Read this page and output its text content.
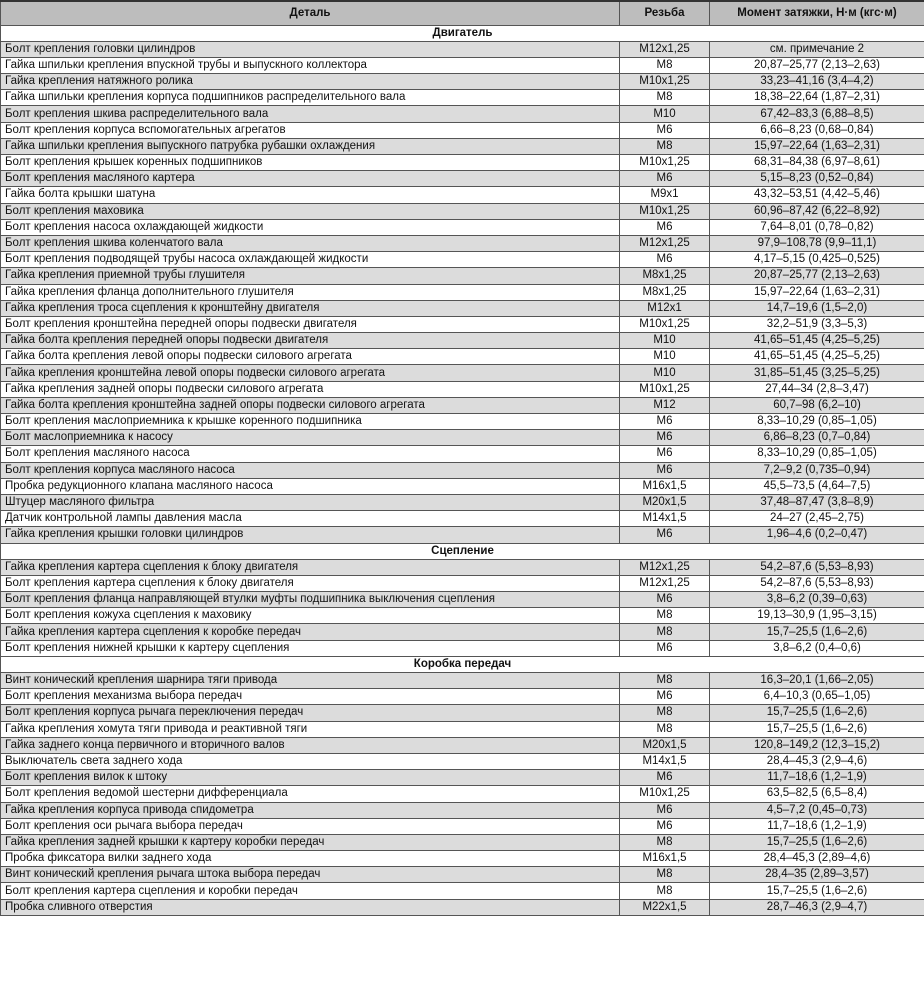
Деталь	Резьба	Момент затяжки, Н·м (кгс·м)
Двигатель		
Болт крепления головки цилиндров	M12x1,25	см. примечание 2
Гайка шпильки крепления впускной трубы и выпускного коллектора	M8	20,87–25,77 (2,13–2,63)
Гайка крепления натяжного ролика	M10x1,25	33,23–41,16 (3,4–4,2)
Гайка шпильки крепления корпуса подшипников распределительного вала	M8	18,38–22,64 (1,87–2,31)
Болт крепления шкива распределительного вала	M10	67,42–83,3 (6,88–8,5)
Болт крепления корпуса вспомогательных агрегатов	M6	6,66–8,23 (0,68–0,84)
Гайка шпильки крепления выпускного патрубка рубашки охлаждения	M8	15,97–22,64 (1,63–2,31)
Болт крепления крышек коренных подшипников	M10x1,25	68,31–84,38 (6,97–8,61)
Болт крепления масляного картера	M6	5,15–8,23 (0,52–0,84)
Гайка болта крышки шатуна	M9x1	43,32–53,51 (4,42–5,46)
Болт крепления маховика	M10x1,25	60,96–87,42 (6,22–8,92)
Болт крепления насоса охлаждающей жидкости	M6	7,64–8,01 (0,78–0,82)
Болт крепления шкива коленчатого вала	M12x1,25	97,9–108,78 (9,9–11,1)
Болт крепления подводящей трубы насоса охлаждающей жидкости	M6	4,17–5,15 (0,425–0,525)
Гайка крепления приемной трубы глушителя	M8x1,25	20,87–25,77 (2,13–2,63)
Гайка крепления фланца дополнительного глушителя	M8x1,25	15,97–22,64 (1,63–2,31)
Гайка крепления троса сцепления к кронштейну двигателя	M12x1	14,7–19,6 (1,5–2,0)
Болт крепления кронштейна передней опоры подвески двигателя	M10x1,25	32,2–51,9 (3,3–5,3)
Гайка болта крепления передней опоры подвески двигателя	M10	41,65–51,45 (4,25–5,25)
Гайка болта крепления левой опоры подвески силового агрегата	M10	41,65–51,45 (4,25–5,25)
Гайка крепления кронштейна левой опоры подвески силового агрегата	M10	31,85–51,45 (3,25–5,25)
Гайка крепления задней опоры подвески силового агрегата	M10x1,25	27,44–34 (2,8–3,47)
Гайка болта крепления кронштейна задней опоры подвески силового агрегата	M12	60,7–98 (6,2–10)
Болт крепления маслоприемника к крышке коренного подшипника	M6	8,33–10,29 (0,85–1,05)
Болт маслоприемника к насосу	M6	6,86–8,23 (0,7–0,84)
Болт крепления масляного насоса	M6	8,33–10,29 (0,85–1,05)
Болт крепления корпуса масляного насоса	M6	7,2–9,2 (0,735–0,94)
Пробка редукционного клапана масляного насоса	M16x1,5	45,5–73,5 (4,64–7,5)
Штуцер масляного фильтра	M20x1,5	37,48–87,47 (3,8–8,9)
Датчик контрольной лампы давления масла	M14x1,5	24–27 (2,45–2,75)
Гайка крепления крышки головки цилиндров	M6	1,96–4,6 (0,2–0,47)
Сцепление		
Гайка крепления картера сцепления к блоку двигателя	M12x1,25	54,2–87,6 (5,53–8,93)
Болт крепления картера сцепления к блоку двигателя	M12x1,25	54,2–87,6 (5,53–8,93)
Болт крепления фланца направляющей втулки муфты подшипника выключения сцепления	M6	3,8–6,2 (0,39–0,63)
Болт крепления кожуха сцепления к маховику	M8	19,13–30,9 (1,95–3,15)
Гайка крепления картера сцепления к коробке передач	M8	15,7–25,5 (1,6–2,6)
Болт крепления нижней крышки к картеру сцепления	M6	3,8–6,2 (0,4–0,6)
Коробка передач		
Винт конический крепления шарнира тяги привода	M8	16,3–20,1 (1,66–2,05)
Болт крепления механизма выбора передач	M6	6,4–10,3 (0,65–1,05)
Болт крепления корпуса рычага переключения передач	M8	15,7–25,5 (1,6–2,6)
Гайка крепления хомута тяги привода и реактивной тяги	M8	15,7–25,5 (1,6–2,6)
Гайка заднего конца первичного и вторичного валов	M20x1,5	120,8–149,2 (12,3–15,2)
Выключатель света заднего хода	M14x1,5	28,4–45,3 (2,9–4,6)
Болт крепления вилок к штоку	M6	11,7–18,6 (1,2–1,9)
Болт крепления ведомой шестерни дифференциала	M10x1,25	63,5–82,5 (6,5–8,4)
Гайка крепления корпуса привода спидометра	M6	4,5–7,2 (0,45–0,73)
Болт крепления оси рычага выбора передач	M6	11,7–18,6 (1,2–1,9)
Гайка крепления задней крышки к картеру коробки передач	M8	15,7–25,5 (1,6–2,6)
Пробка фиксатора вилки заднего хода	M16x1,5	28,4–45,3 (2,89–4,6)
Винт конический крепления рычага штока выбора передач	M8	28,4–35 (2,89–3,57)
Болт крепления картера сцепления и коробки передач	M8	15,7–25,5 (1,6–2,6)
Пробка сливного отверстия	M22x1,5	28,7–46,3 (2,9–4,7)
